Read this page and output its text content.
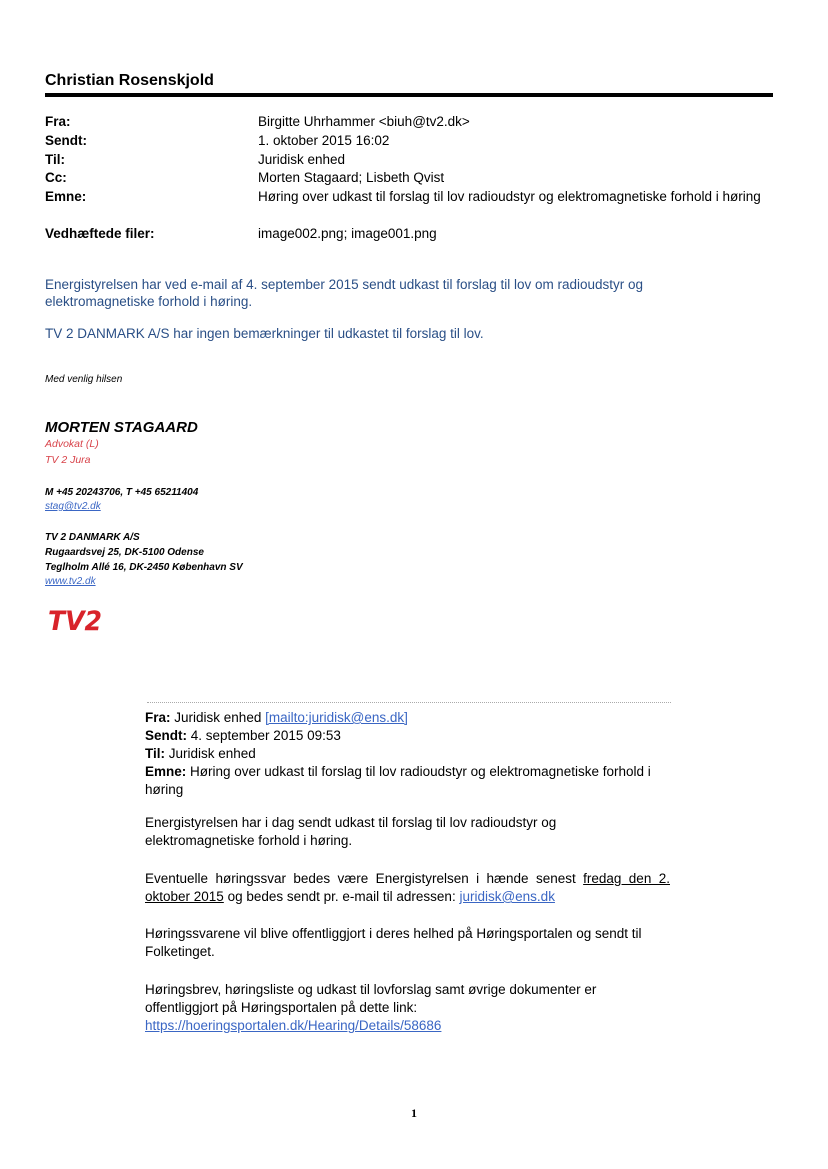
Christian Rosenskjold
Fra:	Birgitte Uhrhammer <biuh@tv2.dk>
Sendt:	1. oktober 2015 16:02
Til:	Juridisk enhed
Cc:	Morten Stagaard; Lisbeth Qvist
Emne:	Høring over udkast til forslag til lov radioudstyr og elektromagnetiske forhold i høring
Vedhæftede filer:	image002.png; image001.png
Energistyrelsen har ved e-mail af 4. september 2015 sendt udkast til forslag til lov om radioudstyr og elektromagnetiske forhold i høring.
TV 2 DANMARK A/S har ingen bemærkninger til udkastet til forslag til lov.
Med venlig hilsen
MORTEN STAGAARD
Advokat (L)
TV 2 Jura
M +45 20243706, T +45 65211404
stag@tv2.dk
TV 2 DANMARK A/S
Rugaardsvej 25, DK-5100 Odense
Teglholm Allé 16, DK-2450 København SV
www.tv2.dk
TV2
Fra: Juridisk enhed [mailto:juridisk@ens.dk]
Sendt: 4. september 2015 09:53
Til: Juridisk enhed
Emne: Høring over udkast til forslag til lov radioudstyr og elektromagnetiske forhold i høring
Energistyrelsen har i dag sendt udkast til forslag til lov radioudstyr og elektromagnetiske forhold i høring.
Eventuelle høringssvar bedes være Energistyrelsen i hænde senest fredag den 2. oktober 2015 og bedes sendt pr. e-mail til adressen: juridisk@ens.dk
Høringssvarene vil blive offentliggjort i deres helhed på Høringsportalen og sendt til Folketinget.
Høringsbrev, høringsliste og udkast til lovforslag samt øvrige dokumenter er offentliggjort på Høringsportalen på dette link:
https://hoeringsportalen.dk/Hearing/Details/58686
1
